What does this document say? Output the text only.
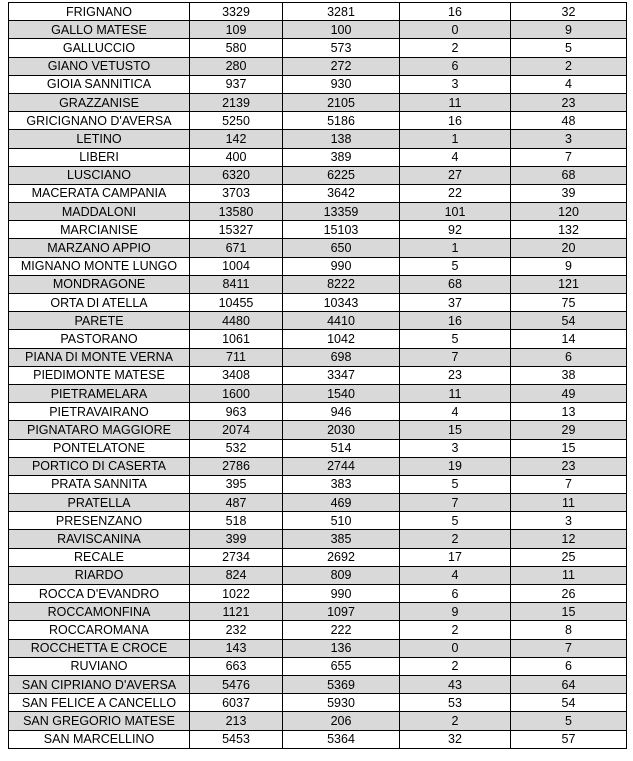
FRIGNANO	3329	3281	16	32
GALLO MATESE	109	100	0	9
GALLUCCIO	580	573	2	5
GIANO VETUSTO	280	272	6	2
GIOIA SANNITICA	937	930	3	4
GRAZZANISE	2139	2105	11	23
GRICIGNANO D'AVERSA	5250	5186	16	48
LETINO	142	138	1	3
LIBERI	400	389	4	7
LUSCIANO	6320	6225	27	68
MACERATA CAMPANIA	3703	3642	22	39
MADDALONI	13580	13359	101	120
MARCIANISE	15327	15103	92	132
MARZANO APPIO	671	650	1	20
MIGNANO MONTE LUNGO	1004	990	5	9
MONDRAGONE	8411	8222	68	121
ORTA DI ATELLA	10455	10343	37	75
PARETE	4480	4410	16	54
PASTORANO	1061	1042	5	14
PIANA DI MONTE VERNA	711	698	7	6
PIEDIMONTE MATESE	3408	3347	23	38
PIETRAMELARA	1600	1540	11	49
PIETRAVAIRANO	963	946	4	13
PIGNATARO MAGGIORE	2074	2030	15	29
PONTELATONE	532	514	3	15
PORTICO DI CASERTA	2786	2744	19	23
PRATA SANNITA	395	383	5	7
PRATELLA	487	469	7	11
PRESENZANO	518	510	5	3
RAVISCANINA	399	385	2	12
RECALE	2734	2692	17	25
RIARDO	824	809	4	11
ROCCA D'EVANDRO	1022	990	6	26
ROCCAMONFINA	1121	1097	9	15
ROCCAROMANA	232	222	2	8
ROCCHETTA E CROCE	143	136	0	7
RUVIANO	663	655	2	6
SAN CIPRIANO D'AVERSA	5476	5369	43	64
SAN FELICE A CANCELLO	6037	5930	53	54
SAN GREGORIO MATESE	213	206	2	5
SAN MARCELLINO	5453	5364	32	57
